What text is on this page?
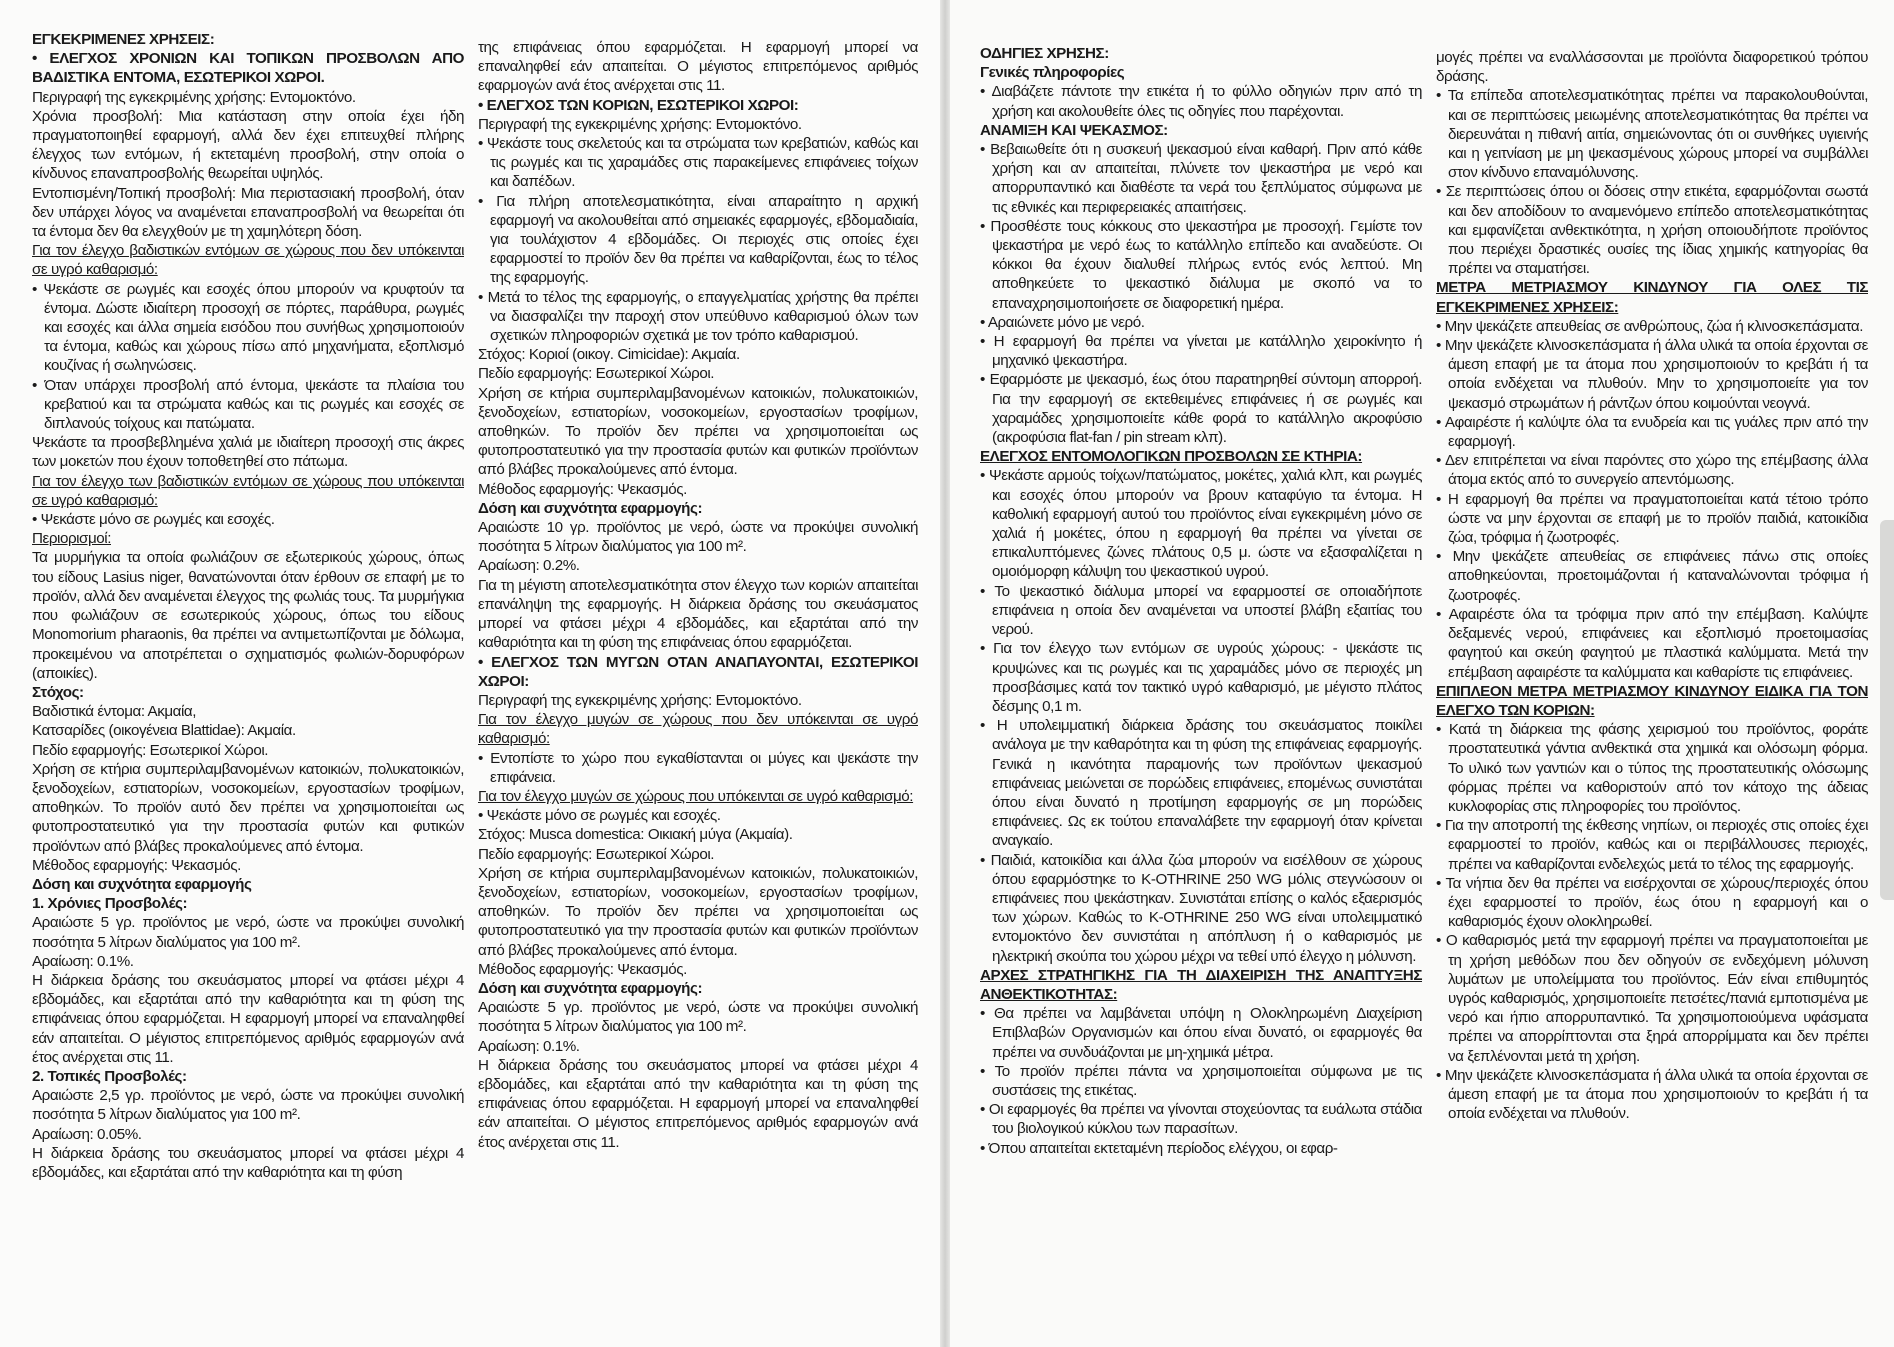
ΕΓΚΕΚΡΙΜΕΝΕΣ ΧΡΗΣΕΙΣ:

• ΕΛΕΓΧΟΣ ΧΡΟΝΙΩΝ ΚΑΙ ΤΟΠΙΚΩΝ ΠΡΟΣΒΟΛΩΝ ΑΠΟ ΒΑΔΙΣΤΙΚΑ ΕΝΤΟΜΑ, ΕΣΩΤΕΡΙΚΟΙ ΧΩΡΟΙ.

Περιγραφή της εγκεκριμένης χρήσης: Εντομοκτόνο.

Χρόνια προσβολή: Μια κατάσταση στην οποία έχει ήδη πραγματοποιηθεί εφαρμογή, αλλά δεν έχει επιτευχθεί πλήρης έλεγχος των εντόμων, ή εκτεταμένη προσβολή, στην οποία ο κίνδυνος επαναπροσβολής θεωρείται υψηλός.

Εντοπισμένη/Τοπική προσβολή: Μια περιστασιακή προσβολή, όταν δεν υπάρχει λόγος να αναμένεται επαναπροσβολή να θεωρείται ότι τα έντομα δεν θα ελεγχθούν με τη χαμηλότερη δόση.

Για τον έλεγχο βαδιστικών εντόμων σε χώρους που δεν υπόκεινται σε υγρό καθαρισμό:

• Ψεκάστε σε ρωγμές και εσοχές όπου μπορούν να κρυφτούν τα έντομα. Δώστε ιδιαίτερη προσοχή σε πόρτες, παράθυρα, ρωγμές και εσοχές και άλλα σημεία εισόδου που συνήθως χρησιμοποιούν τα έντομα, καθώς και χώρους πίσω από μηχανήματα, εξοπλισμό κουζίνας ή σωληνώσεις.

• Όταν υπάρχει προσβολή από έντομα, ψεκάστε τα πλαίσια του κρεβατιού και τα στρώματα καθώς και τις ρωγμές και εσοχές σε διπλανούς τοίχους και πατώματα.

Ψεκάστε τα προσβεβλημένα χαλιά με ιδιαίτερη προσοχή στις άκρες των μοκετών που έχουν τοποθετηθεί στο πάτωμα.

Για τον έλεγχο των βαδιστικών εντόμων σε χώρους που υπόκεινται σε υγρό καθαρισμό:

• Ψεκάστε μόνο σε ρωγμές και εσοχές.

Περιορισμοί:

Τα μυρμήγκια τα οποία φωλιάζουν σε εξωτερικούς χώρους, όπως του είδους Lasius niger, θανατώνονται όταν έρθουν σε επαφή με το προϊόν, αλλά δεν αναμένεται έλεγχος της φωλιάς τους. Τα μυρμήγκια που φωλιάζουν σε εσωτερικούς χώρους, όπως του είδους Monomorium pharaonis, θα πρέπει να αντιμετωπίζονται με δόλωμα, προκειμένου να αποτρέπεται ο σχηματισμός φωλιών-δορυφόρων (αποικίες).

Στόχος:

Βαδιστικά έντομα: Ακμαία,

Κατσαρίδες (οικογένεια Blattidae): Ακμαία.

Πεδίο εφαρμογής: Εσωτερικοί Χώροι.

Χρήση σε κτήρια συμπεριλαμβανομένων κατοικιών, πολυκατοικιών, ξενοδοχείων, εστιατορίων, νοσοκομείων, εργοστασίων τροφίμων, αποθηκών. Το προϊόν αυτό δεν πρέπει να χρησιμοποιείται ως φυτοπροστατευτικό για την προστασία φυτών και φυτικών προϊόντων από βλάβες προκαλούμενες από έντομα.

Μέθοδος εφαρμογής: Ψεκασμός.

Δόση και συχνότητα εφαρμογής

1. Χρόνιες Προσβολές:

Αραιώστε 5 γρ. προϊόντος με νερό, ώστε να προκύψει συνολική ποσότητα 5 λίτρων διαλύματος για 100 m².

Αραίωση: 0.1%.

Η διάρκεια δράσης του σκευάσματος μπορεί να φτάσει μέχρι 4 εβδομάδες, και εξαρτάται από την καθαριότητα και τη φύση της επιφάνειας όπου εφαρμόζεται. Η εφαρμογή μπορεί να επαναληφθεί εάν απαιτείται. Ο μέγιστος επιτρεπόμενος αριθμός εφαρμογών ανά έτος ανέρχεται στις 11.

2. Τοπικές Προσβολές:

Αραιώστε 2,5 γρ. προϊόντος με νερό, ώστε να προκύψει συνολική ποσότητα 5 λίτρων διαλύματος για 100 m².

Αραίωση: 0.05%.

Η διάρκεια δράσης του σκευάσματος μπορεί να φτάσει μέχρι 4 εβδομάδες, και εξαρτάται από την καθαριότητα και τη φύση

της επιφάνειας όπου εφαρμόζεται. Η εφαρμογή μπορεί να επαναληφθεί εάν απαιτείται. Ο μέγιστος επιτρεπόμενος αριθμός εφαρμογών ανά έτος ανέρχεται στις 11.

• ΕΛΕΓΧΟΣ ΤΩΝ ΚΟΡΙΩΝ, ΕΣΩΤΕΡΙΚΟΙ ΧΩΡΟΙ:

Περιγραφή της εγκεκριμένης χρήσης: Εντομοκτόνο.

• Ψεκάστε τους σκελετούς και τα στρώματα των κρεβατιών, καθώς και τις ρωγμές και τις χαραμάδες στις παρακείμενες επιφάνειες τοίχων και δαπέδων.

• Για πλήρη αποτελεσματικότητα, είναι απαραίτητο η αρχική εφαρμογή να ακολουθείται από σημειακές εφαρμογές, εβδομαδιαία, για τουλάχιστον 4 εβδομάδες. Οι περιοχές στις οποίες έχει εφαρμοστεί το προϊόν δεν θα πρέπει να καθαρίζονται, έως το τέλος της εφαρμογής.

• Μετά το τέλος της εφαρμογής, ο επαγγελματίας χρήστης θα πρέπει να διασφαλίζει την παροχή στον υπεύθυνο καθαρισμού όλων των σχετικών πληροφοριών σχετικά με τον τρόπο καθαρισμού.

Στόχος: Κοριοί (οικογ. Cimicidae): Ακμαία.

Πεδίο εφαρμογής: Εσωτερικοί Χώροι.

Χρήση σε κτήρια συμπεριλαμβανομένων κατοικιών, πολυκατοικιών, ξενοδοχείων, εστιατορίων, νοσοκομείων, εργοστασίων τροφίμων, αποθηκών. Το προϊόν δεν πρέπει να χρησιμοποιείται ως φυτοπροστατευτικό για την προστασία φυτών και φυτικών προϊόντων από βλάβες προκαλούμενες από έντομα.

Μέθοδος εφαρμογής: Ψεκασμός.

Δόση και συχνότητα εφαρμογής:

Αραιώστε 10 γρ. προϊόντος με νερό, ώστε να προκύψει συνολική ποσότητα 5 λίτρων διαλύματος για 100 m².

Αραίωση: 0.2%.

Για τη μέγιστη αποτελεσματικότητα στον έλεγχο των κοριών απαιτείται επανάληψη της εφαρμογής. Η διάρκεια δράσης του σκευάσματος μπορεί να φτάσει μέχρι 4 εβδομάδες, και εξαρτάται από την καθαριότητα και τη φύση της επιφάνειας όπου εφαρμόζεται.

• ΕΛΕΓΧΟΣ ΤΩΝ ΜΥΓΩΝ ΟΤΑΝ ΑΝΑΠΑΥΟΝΤΑΙ, ΕΣΩΤΕΡΙΚΟΙ ΧΩΡΟΙ:

Περιγραφή της εγκεκριμένης χρήσης: Εντομοκτόνο.

Για τον έλεγχο μυγών σε χώρους που δεν υπόκεινται σε υγρό καθαρισμό:

• Εντοπίστε το χώρο που εγκαθίστανται οι μύγες και ψεκάστε την επιφάνεια.

Για τον έλεγχο μυγών σε χώρους που υπόκεινται σε υγρό καθαρισμό:

• Ψεκάστε μόνο σε ρωγμές και εσοχές.

Στόχος: Musca domestica: Οικιακή μύγα (Ακμαία).

Πεδίο εφαρμογής: Εσωτερικοί Χώροι.

Χρήση σε κτήρια συμπεριλαμβανομένων κατοικιών, πολυκατοικιών, ξενοδοχείων, εστιατορίων, νοσοκομείων, εργοστασίων τροφίμων, αποθηκών. Το προϊόν δεν πρέπει να χρησιμοποιείται ως φυτοπροστατευτικό για την προστασία φυτών και φυτικών προϊόντων από βλάβες προκαλούμενες από έντομα.

Μέθοδος εφαρμογής: Ψεκασμός.

Δόση και συχνότητα εφαρμογής:

Αραιώστε 5 γρ. προϊόντος με νερό, ώστε να προκύψει συνολική ποσότητα 5 λίτρων διαλύματος για 100 m².

Αραίωση: 0.1%.

Η διάρκεια δράσης του σκευάσματος μπορεί να φτάσει μέχρι 4 εβδομάδες, και εξαρτάται από την καθαριότητα και τη φύση της επιφάνειας όπου εφαρμόζεται. Η εφαρμογή μπορεί να επαναληφθεί εάν απαιτείται. Ο μέγιστος επιτρεπόμενος αριθμός εφαρμογών ανά έτος ανέρχεται στις 11.

ΟΔΗΓΙΕΣ ΧΡΗΣΗΣ:

Γενικές πληροφορίες

• Διαβάζετε πάντοτε την ετικέτα ή το φύλλο οδηγιών πριν από τη χρήση και ακολουθείτε όλες τις οδηγίες που παρέχονται.

ΑΝΑΜΙΞΗ ΚΑΙ ΨΕΚΑΣΜΟΣ:

• Βεβαιωθείτε ότι η συσκευή ψεκασμού είναι καθαρή. Πριν από κάθε χρήση και αν απαιτείται, πλύνετε τον ψεκαστήρα με νερό και απορρυπαντικό και διαθέστε τα νερά του ξεπλύματος σύμφωνα με τις εθνικές και περιφερειακές απαιτήσεις.

• Προσθέστε τους κόκκους στο ψεκαστήρα με προσοχή. Γεμίστε τον ψεκαστήρα με νερό έως το κατάλληλο επίπεδο και αναδεύστε. Οι κόκκοι θα έχουν διαλυθεί πλήρως εντός ενός λεπτού. Μη αποθηκεύετε το ψεκαστικό διάλυμα με σκοπό να το επαναχρησιμοποιήσετε σε διαφορετική ημέρα.

• Αραιώνετε μόνο με νερό.

• Η εφαρμογή θα πρέπει να γίνεται με κατάλληλο χειροκίνητο ή μηχανικό ψεκαστήρα.

• Εφαρμόστε με ψεκασμό, έως ότου παρατηρηθεί σύντομη απορροή. Για την εφαρμογή σε εκτεθειμένες επιφάνειες ή σε ρωγμές και χαραμάδες χρησιμοποιείτε κάθε φορά το κατάλληλο ακροφύσιο (ακροφύσια flat-fan / pin stream κλπ).

ΕΛΕΓΧΟΣ ΕΝΤΟΜΟΛΟΓΙΚΩΝ ΠΡΟΣΒΟΛΩΝ ΣΕ ΚΤΗΡΙΑ:

• Ψεκάστε αρμούς τοίχων/πατώματος, μοκέτες, χαλιά κλπ, και ρωγμές και εσοχές όπου μπορούν να βρουν καταφύγιο τα έντομα. Η καθολική εφαρμογή αυτού του προϊόντος είναι εγκεκριμένη μόνο σε χαλιά ή μοκέτες, όπου η εφαρμογή θα πρέπει να γίνεται σε επικαλυπτόμενες ζώνες πλάτους 0,5 μ. ώστε να εξασφαλίζεται η ομοιόμορφη κάλυψη του ψεκαστικού υγρού.

• Το ψεκαστικό διάλυμα μπορεί να εφαρμοστεί σε οποιαδήποτε επιφάνεια η οποία δεν αναμένεται να υποστεί βλάβη εξαιτίας του νερού.

• Για τον έλεγχο των εντόμων σε υγρούς χώρους: - ψεκάστε τις κρυψώνες και τις ρωγμές και τις χαραμάδες μόνο σε περιοχές μη προσβάσιμες κατά τον τακτικό υγρό καθαρισμό, με μέγιστο πλάτος δέσμης 0,1 m.

• Η υπολειμματική διάρκεια δράσης του σκευάσματος ποικίλει ανάλογα με την καθαρότητα και τη φύση της επιφάνειας εφαρμογής. Γενικά η ικανότητα παραμονής των προϊόντων ψεκασμού επιφάνειας μειώνεται σε πορώδεις επιφάνειες, επομένως συνιστάται όπου είναι δυνατό η προτίμηση εφαρμογής σε μη πορώδεις επιφάνειες. Ως εκ τούτου επαναλάβετε την εφαρμογή όταν κρίνεται αναγκαίο.

• Παιδιά, κατοικίδια και άλλα ζώα μπορούν να εισέλθουν σε χώρους όπου εφαρμόστηκε το K-OTHRINE 250 WG μόλις στεγνώσουν οι επιφάνειες που ψεκάστηκαν. Συνιστάται επίσης ο καλός εξαερισμός των χώρων. Καθώς το K-OTHRINE 250 WG είναι υπολειμματικό εντομοκτόνο δεν συνιστάται η απόπλυση ή ο καθαρισμός με ηλεκτρική σκούπα του χώρου μέχρι να τεθεί υπό έλεγχο η μόλυνση.

ΑΡΧΕΣ ΣΤΡΑΤΗΓΙΚΗΣ ΓΙΑ ΤΗ ΔΙΑΧΕΙΡΙΣΗ ΤΗΣ ΑΝΑΠΤΥΞΗΣ ΑΝΘΕΚΤΙΚΟΤΗΤΑΣ:

• Θα πρέπει να λαμβάνεται υπόψη η Ολοκληρωμένη Διαχείριση Επιβλαβών Οργανισμών και όπου είναι δυνατό, οι εφαρμογές θα πρέπει να συνδυάζονται με μη-χημικά μέτρα.

• Το προϊόν πρέπει πάντα να χρησιμοποιείται σύμφωνα με τις συστάσεις της ετικέτας.

• Οι εφαρμογές θα πρέπει να γίνονται στοχεύοντας τα ευάλωτα στάδια του βιολογικού κύκλου των παρασίτων.

• Όπου απαιτείται εκτεταμένη περίοδος ελέγχου, οι εφαρ-

μογές πρέπει να εναλλάσσονται με προϊόντα διαφορετικού τρόπου δράσης.

• Τα επίπεδα αποτελεσματικότητας πρέπει να παρακολουθούνται, και σε περιπτώσεις μειωμένης αποτελεσματικότητας θα πρέπει να διερευνάται η πιθανή αιτία, σημειώνοντας ότι οι συνθήκες υγιεινής και η γειτνίαση με μη ψεκασμένους χώρους μπορεί να συμβάλλει στον κίνδυνο επαναμόλυνσης.

• Σε περιπτώσεις όπου οι δόσεις στην ετικέτα, εφαρμόζονται σωστά και δεν αποδίδουν το αναμενόμενο επίπεδο αποτελεσματικότητας και εμφανίζεται ανθεκτικότητα, η χρήση οποιουδήποτε προϊόντος που περιέχει δραστικές ουσίες της ίδιας χημικής κατηγορίας θα πρέπει να σταματήσει.

ΜΕΤΡΑ ΜΕΤΡΙΑΣΜΟΥ ΚΙΝΔΥΝΟΥ ΓΙΑ ΟΛΕΣ ΤΙΣ ΕΓΚΕΚΡΙΜΕΝΕΣ ΧΡΗΣΕΙΣ:

• Μην ψεκάζετε απευθείας σε ανθρώπους, ζώα ή κλινοσκεπάσματα.

• Μην ψεκάζετε κλινοσκεπάσματα ή άλλα υλικά τα οποία έρχονται σε άμεση επαφή με τα άτομα που χρησιμοποιούν το κρεβάτι ή τα οποία ενδέχεται να πλυθούν. Μην το χρησιμοποιείτε για τον ψεκασμό στρωμάτων ή ράντζων όπου κοιμούνται νεογνά.

• Αφαιρέστε ή καλύψτε όλα τα ενυδρεία και τις γυάλες πριν από την εφαρμογή.

• Δεν επιτρέπεται να είναι παρόντες στο χώρο της επέμβασης άλλα άτομα εκτός από το συνεργείο απεντόμωσης.

• Η εφαρμογή θα πρέπει να πραγματοποιείται κατά τέτοιο τρόπο ώστε να μην έρχονται σε επαφή με το προϊόν παιδιά, κατοικίδια ζώα, τρόφιμα ή ζωοτροφές.

• Μην ψεκάζετε απευθείας σε επιφάνειες πάνω στις οποίες αποθηκεύονται, προετοιμάζονται ή καταναλώνονται τρόφιμα ή ζωοτροφές.

• Αφαιρέστε όλα τα τρόφιμα πριν από την επέμβαση. Καλύψτε δεξαμενές νερού, επιφάνειες και εξοπλισμό προετοιμασίας φαγητού και σκεύη φαγητού με πλαστικά καλύμματα. Μετά την επέμβαση αφαιρέστε τα καλύμματα και καθαρίστε τις επιφάνειες.

ΕΠΙΠΛΕΟΝ ΜΕΤΡΑ ΜΕΤΡΙΑΣΜΟΥ ΚΙΝΔΥΝΟΥ ΕΙΔΙΚΑ ΓΙΑ ΤΟΝ ΕΛΕΓΧΟ ΤΩΝ ΚΟΡΙΩΝ:

• Κατά τη διάρκεια της φάσης χειρισμού του προϊόντος, φοράτε προστατευτικά γάντια ανθεκτικά στα χημικά και ολόσωμη φόρμα. Το υλικό των γαντιών και ο τύπος της προστατευτικής ολόσωμης φόρμας πρέπει να καθοριστούν από τον κάτοχο της άδειας κυκλοφορίας στις πληροφορίες του προϊόντος.

• Για την αποτροπή της έκθεσης νηπίων, οι περιοχές στις οποίες έχει εφαρμοστεί το προϊόν, καθώς και οι περιβάλλουσες περιοχές, πρέπει να καθαρίζονται ενδελεχώς μετά το τέλος της εφαρμογής.

• Τα νήπια δεν θα πρέπει να εισέρχονται σε χώρους/περιοχές όπου έχει εφαρμοστεί το προϊόν, έως ότου η εφαρμογή και ο καθαρισμός έχουν ολοκληρωθεί.

• Ο καθαρισμός μετά την εφαρμογή πρέπει να πραγματοποιείται με τη χρήση μεθόδων που δεν οδηγούν σε ενδεχόμενη μόλυνση λυμάτων με υπολείμματα του προϊόντος. Εάν είναι επιθυμητός υγρός καθαρισμός, χρησιμοποιείτε πετσέτες/πανιά εμποτισμένα με νερό και ήπιο απορρυπαντικό. Τα χρησιμοποιούμενα υφάσματα πρέπει να απορρίπτονται στα ξηρά απορρίμματα και δεν πρέπει να ξεπλένονται μετά τη χρήση.

• Μην ψεκάζετε κλινοσκεπάσματα ή άλλα υλικά τα οποία έρχονται σε άμεση επαφή με τα άτομα που χρησιμοποιούν το κρεβάτι ή τα οποία ενδέχεται να πλυθούν.
